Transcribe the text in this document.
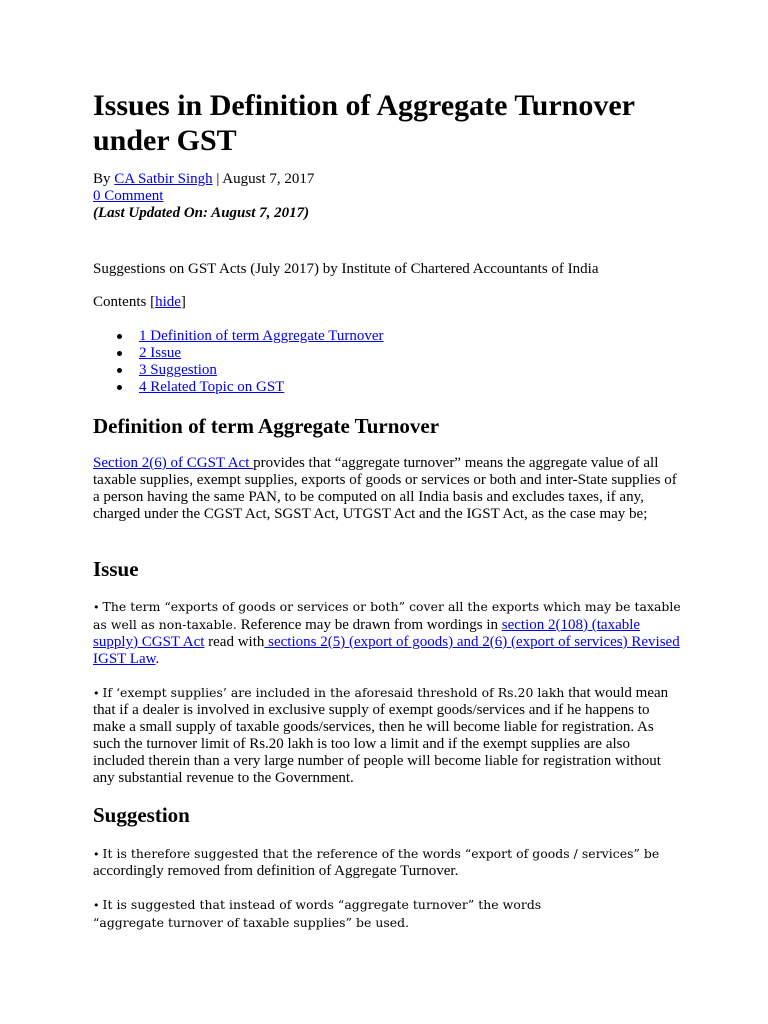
Issues in Definition of Aggregate Turnover under GST
By CA Satbir Singh | August 7, 2017
0 Comment
(Last Updated On: August 7, 2017)

Suggestions on GST Acts (July 2017) by Institute of Chartered Accountants of India

Contents [hide]

1 Definition of term Aggregate Turnover
2 Issue
3 Suggestion
4 Related Topic on GST
Definition of term Aggregate Turnover

Section 2(6) of CGST Act provides that “aggregate turnover” means the aggregate value of all taxable supplies, exempt supplies, exports of goods or services or both and inter-State supplies of a person having the same PAN, to be computed on all India basis and excludes taxes, if any, charged under the CGST Act, SGST Act, UTGST Act and the IGST Act, as the case may be;

Issue

• The term “exports of goods or services or both” cover all the exports which may be taxable as well as non-taxable. Reference may be drawn from wordings in section 2(108) (taxable supply) CGST Act read with sections 2(5) (export of goods) and 2(6) (export of services) Revised IGST Law.

• If ‘exempt supplies’ are included in the aforesaid threshold of Rs.20 lakh that would mean that if a dealer is involved in exclusive supply of exempt goods/services and if he happens to make a small supply of taxable goods/services, then he will become liable for registration. As such the turnover limit of Rs.20 lakh is too low a limit and if the exempt supplies are also included therein than a very large number of people will become liable for registration without any substantial revenue to the Government.

Suggestion

• It is therefore suggested that the reference of the words “export of goods / services” be accordingly removed from definition of Aggregate Turnover.

• It is suggested that instead of words “aggregate turnover” the words “aggregate turnover of taxable supplies” be used.
